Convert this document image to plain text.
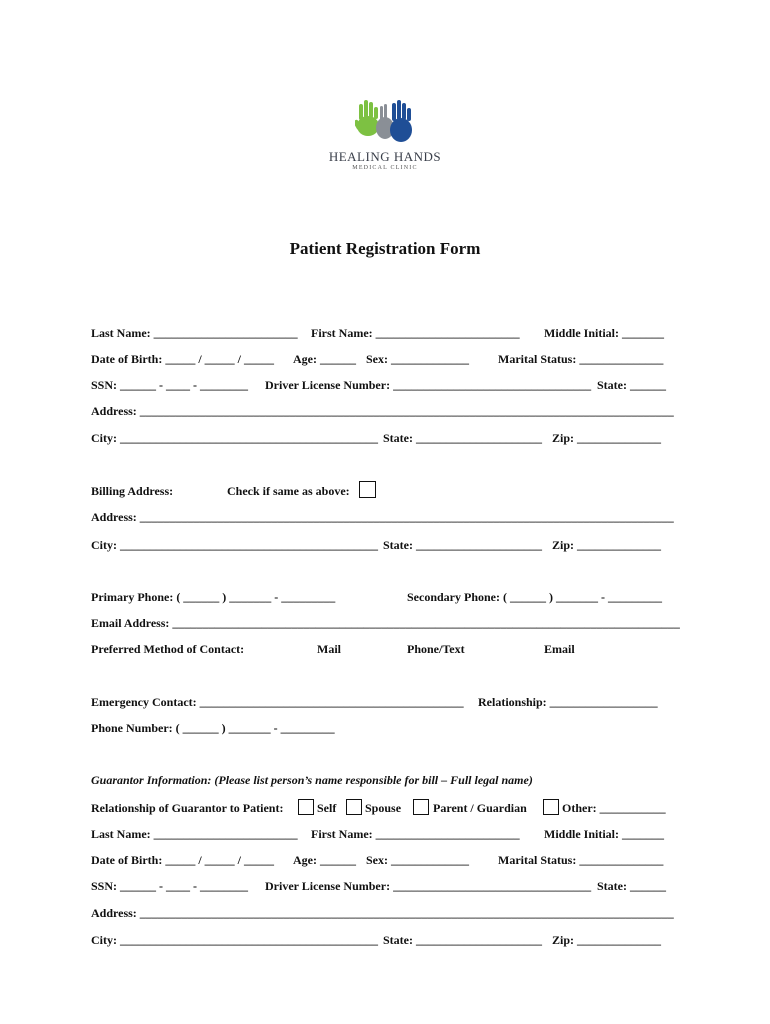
HEALING HANDS
MEDICAL CLINIC
Patient Registration Form
Last Name: ________________________ First Name: ________________________ Middle Initial: _______
Date of Birth: _____ / _____ / _____ Age: ______ Sex: _____________ Marital Status: ______________
SSN: ______ - ____ - ________ Driver License Number: _________________________________ State: ______
Address: _________________________________________________________________________________________
City: ___________________________________________ State: _____________________ Zip: ______________
Billing Address:	Check if same as above:
Address: _________________________________________________________________________________________
City: ___________________________________________ State: _____________________ Zip: ______________
Primary Phone: ( ______ ) _______ - _________	Secondary Phone: ( ______ ) _______ - _________
Email Address: _____________________________________________________________________________________
Preferred Method of Contact:	Mail	Phone/Text	Email
Emergency Contact: ____________________________________________ Relationship: __________________
Phone Number: ( ______ ) _______ - _________
Guarantor Information: (Please list person’s name responsible for bill – Full legal name)
Relationship of Guarantor to Patient:	Self Spouse	Parent / Guardian	Other: ___________
Last Name: ________________________ First Name: ________________________ Middle Initial: _______
Date of Birth: _____ / _____ / _____ Age: ______ Sex: _____________ Marital Status: ______________
SSN: ______ - ____ - ________ Driver License Number: _________________________________ State: ______
Address: _________________________________________________________________________________________
City: ___________________________________________ State: _____________________ Zip: ______________
